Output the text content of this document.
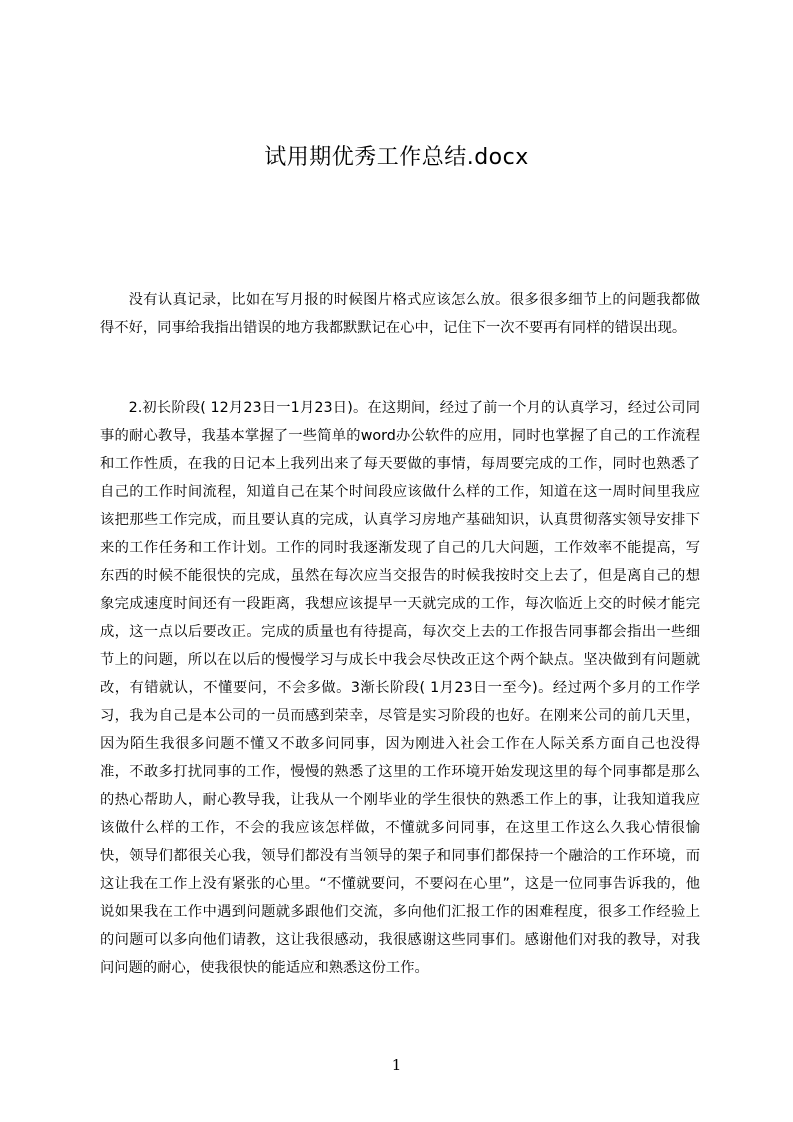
试用期优秀工作总结.docx

没有认真记录，比如在写月报的时候图片格式应该怎么放。很多很多细节上的问题我都做得不好，同事给我指出错误的地方我都默默记在心中，记住下一次不要再有同样的错误出现。

2.初长阶段( 12月23日一1月23日)。在这期间，经过了前一个月的认真学习，经过公司同事的耐心教导，我基本掌握了一些简单的word办公软件的应用，同时也掌握了自己的工作流程和工作性质，在我的日记本上我列出来了每天要做的事情，每周要完成的工作，同时也熟悉了自己的工作时间流程，知道自己在某个时间段应该做什么样的工作，知道在这一周时间里我应该把那些工作完成，而且要认真的完成，认真学习房地产基础知识，认真贯彻落实领导安排下来的工作任务和工作计划。工作的同时我逐渐发现了自己的几大问题，工作效率不能提高，写东西的时候不能很快的完成，虽然在每次应当交报告的时候我按时交上去了，但是离自己的想象完成速度时间还有一段距离，我想应该提早一天就完成的工作，每次临近上交的时候才能完成，这一点以后要改正。完成的质量也有待提高，每次交上去的工作报告同事都会指出一些细节上的问题，所以在以后的慢慢学习与成长中我会尽快改正这个两个缺点。坚决做到有问题就改，有错就认，不懂要问，不会多做。3渐长阶段( 1月23日一至今)。经过两个多月的工作学习，我为自己是本公司的一员而感到荣幸，尽管是实习阶段的也好。在刚来公司的前几天里，因为陌生我很多问题不懂又不敢多问同事，因为刚进入社会工作在人际关系方面自己也没得准，不敢多打扰同事的工作，慢慢的熟悉了这里的工作环境开始发现这里的每个同事都是那么的热心帮助人，耐心教导我，让我从一个刚毕业的学生很快的熟悉工作上的事，让我知道我应该做什么样的工作，不会的我应该怎样做，不懂就多问同事，在这里工作这么久我心情很愉快，领导们都很关心我，领导们都没有当领导的架子和同事们都保持一个融洽的工作环境，而这让我在工作上没有紧张的心里。“不懂就要问，不要闷在心里”，这是一位同事告诉我的，他说如果我在工作中遇到问题就多跟他们交流，多向他们汇报工作的困难程度，很多工作经验上的问题可以多向他们请教，这让我很感动，我很感谢这些同事们。感谢他们对我的教导，对我问问题的耐心，使我很快的能适应和熟悉这份工作。

1
